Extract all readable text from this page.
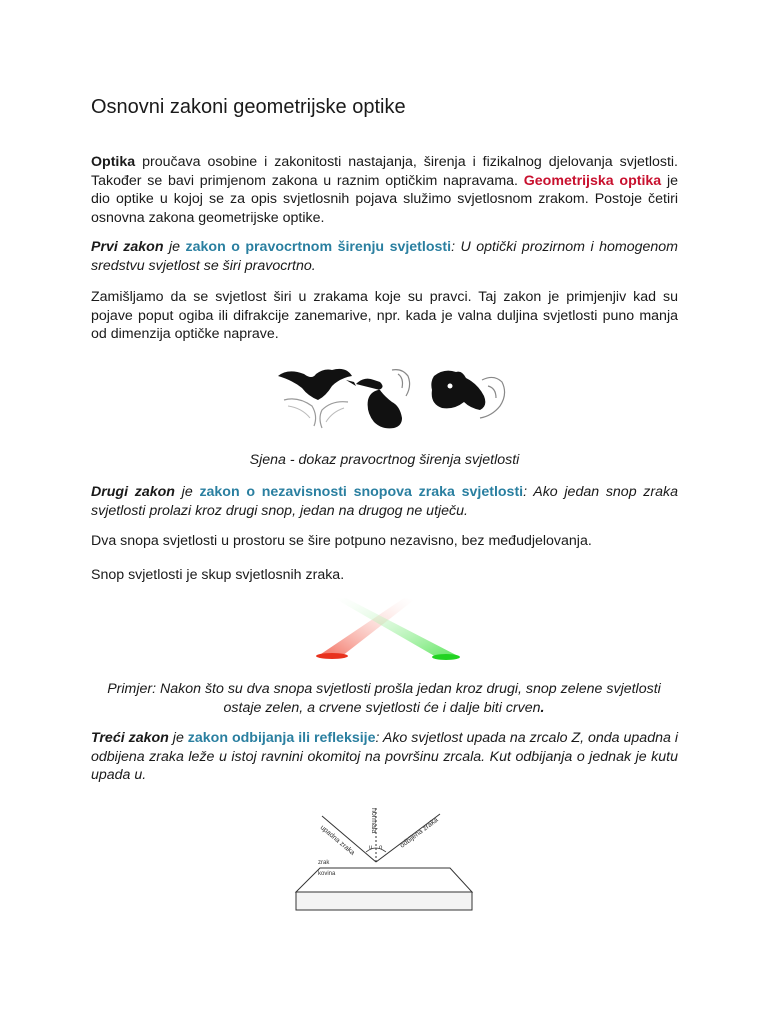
Osnovni zakoni geometrijske optike

Optika proučava osobine i zakonitosti nastajanja, širenja i fizikalnog djelovanja svjetlosti. Također se bavi primjenom zakona u raznim optičkim napravama. Geometrijska optika je dio optike u kojoj se za opis svjetlosnih pojava služimo svjetlosnom zrakom. Postoje četiri osnovna zakona geometrijske optike.

Prvi zakon je zakon o pravocrtnom širenju svjetlosti: U optički prozirnom i homogenom sredstvu svjetlost se širi pravocrtno.

Zamišljamo da se svjetlost širi u zrakama koje su pravci. Taj zakon je primjenjiv kad su pojave poput ogiba ili difrakcije zanemarive, npr. kada je valna duljina svjetlosti puno manja od dimenzija optičke naprave.

Sjena - dokaz pravocrtnog širenja svjetlosti

Drugi zakon je zakon o nezavisnosti snopova zraka svjetlosti: Ako jedan snop zraka svjetlosti prolazi kroz drugi snop, jedan na drugog ne utječu.

Dva snopa svjetlosti u prostoru se šire potpuno nezavisno, bez međudjelovanja.

Snop svjetlosti je skup svjetlosnih zraka.

Primjer: Nakon što su dva snopa svjetlosti prošla jedan kroz drugi, snop zelene svjetlosti ostaje zelen, a crvene svjetlosti će i dalje biti crven.

Treći zakon je zakon odbijanja ili refleksije: Ako svjetlost upada na zrcalo Z, onda upadna i odbijena zraka leže u istoj ravnini okomitoj na površinu zrcala. Kut odbijanja o jednak je kutu upada u.

upadna zraka
normala	odbijena zraka
u o
zrak
kovina
